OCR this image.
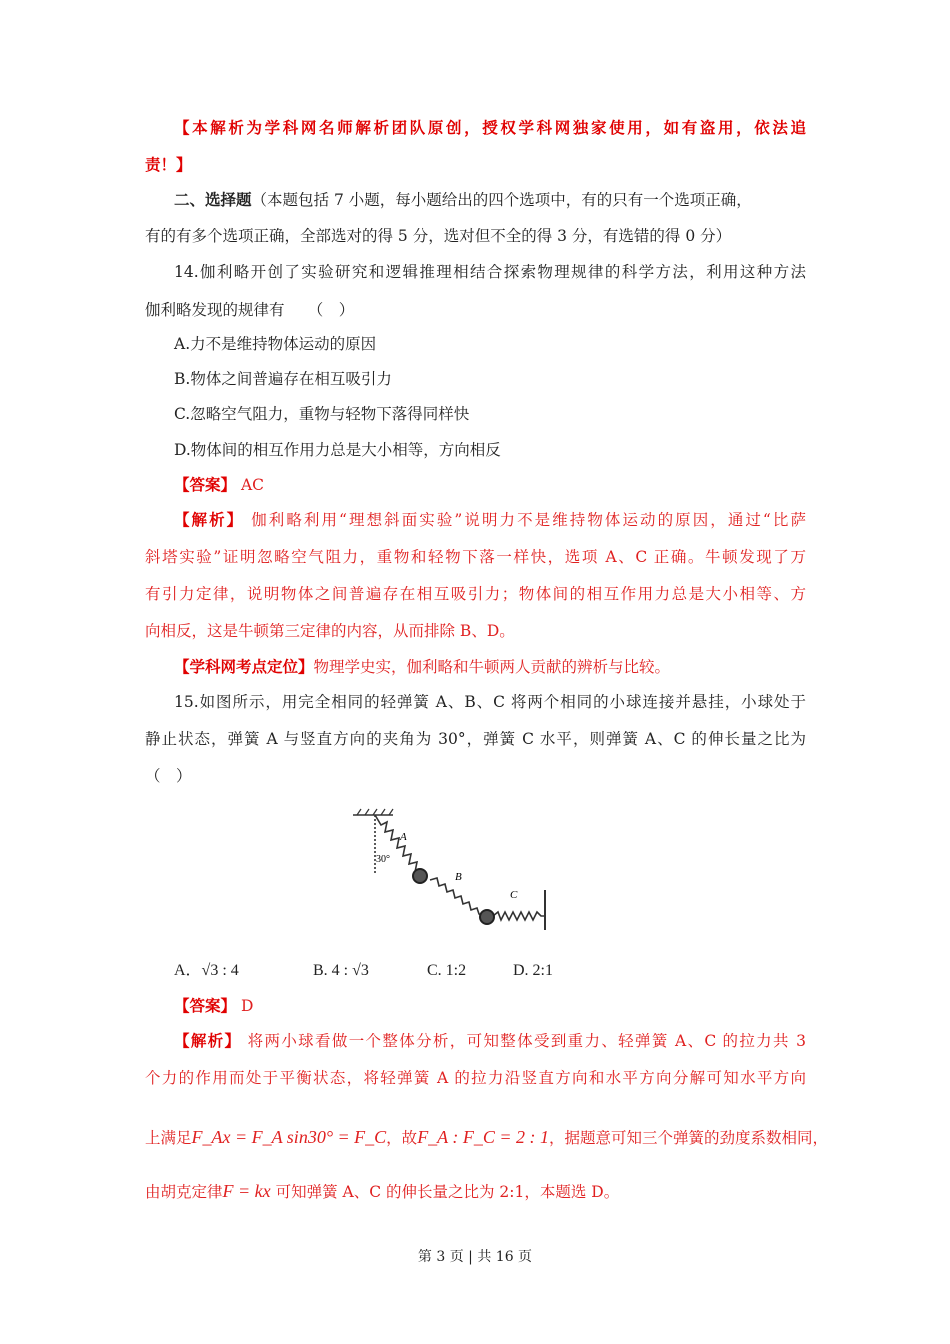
【本解析为学科网名师解析团队原创，授权学科网独家使用，如有盗用，依法追
责！】
二、选择题（本题包括 7 小题，每小题给出的四个选项中，有的只有一个选项正确，
有的有多个选项正确，全部选对的得 5 分，选对但不全的得 3 分，有选错的得 0 分）
14.伽利略开创了实验研究和逻辑推理相结合探索物理规律的科学方法，利用这种方法
伽利略发现的规律有　　（　）
A.力不是维持物体运动的原因
B.物体之间普遍存在相互吸引力
C.忽略空气阻力，重物与轻物下落得同样快
D.物体间的相互作用力总是大小相等，方向相反
【答案】 AC
【解析】 伽利略利用“理想斜面实验”说明力不是维持物体运动的原因，通过“比萨
斜塔实验”证明忽略空气阻力，重物和轻物下落一样快，选项 A、C 正确。牛顿发现了万
有引力定律，说明物体之间普遍存在相互吸引力；物体间的相互作用力总是大小相等、方
向相反，这是牛顿第三定律的内容，从而排除 B、D。
【学科网考点定位】物理学史实，伽利略和牛顿两人贡献的辨析与比较。
15.如图所示，用完全相同的轻弹簧 A、B、C 将两个相同的小球连接并悬挂，小球处于
静止状态，弹簧 A 与竖直方向的夹角为 30°，弹簧 C 水平，则弹簧 A、C 的伸长量之比为
（　）
A
B
C
30°
A．√3 : 4	B. 4 : √3	C. 1:2	D. 2:1
【答案】 D
【解析】 将两小球看做一个整体分析，可知整体受到重力、轻弹簧 A、C 的拉力共 3
个力的作用而处于平衡状态，将轻弹簧 A 的拉力沿竖直方向和水平方向分解可知水平方向
上满足F_Ax = F_A sin30° = F_C，故F_A : F_C = 2 : 1，据题意可知三个弹簧的劲度系数相同，
由胡克定律F = kx 可知弹簧 A、C 的伸长量之比为 2:1，本题选 D。
第 3 页 | 共 16 页
